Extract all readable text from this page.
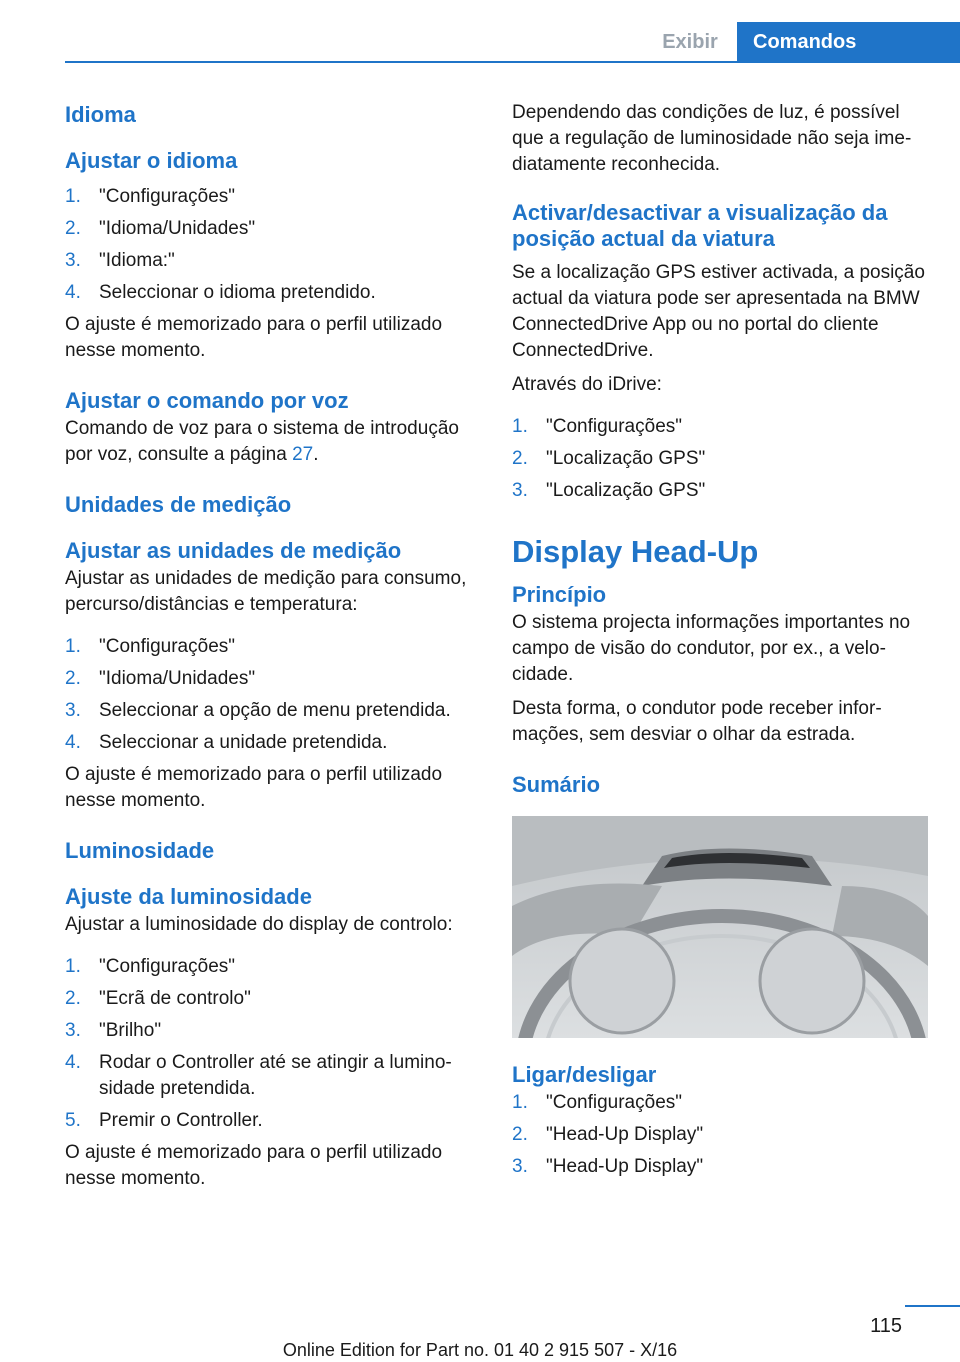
Exibir	Comandos
Idioma
Ajustar o idioma
1. "Configurações"
2. "Idioma/Unidades"
3. "Idioma:"
4. Seleccionar o idioma pretendido.

O ajuste é memorizado para o perfil utilizado nesse momento.

Ajustar o comando por voz

Comando de voz para o sistema de introdução por voz, consulte a página 27.

Unidades de medição
Ajustar as unidades de medição

Ajustar as unidades de medição para consumo, percurso/distâncias e temperatura:

1. "Configurações"
2. "Idioma/Unidades"
3. Seleccionar a opção de menu pretendida.
4. Seleccionar a unidade pretendida.

O ajuste é memorizado para o perfil utilizado nesse momento.

Luminosidade
Ajuste da luminosidade

Ajustar a luminosidade do display de controlo:

1. "Configurações"
2. "Ecrã de controlo"
3. "Brilho"
4. Rodar o Controller até se atingir a luminosidade pretendida.
5. Premir o Controller.

O ajuste é memorizado para o perfil utilizado nesse momento.

Dependendo das condições de luz, é possível que a regulação de luminosidade não seja imediatamente reconhecida.

Activar/desactivar a visualização da posição actual da viatura

Se a localização GPS estiver activada, a posição actual da viatura pode ser apresentada na BMW ConnectedDrive App ou no portal do cliente ConnectedDrive.

Através do iDrive:

1. "Configurações"
2. "Localização GPS"
3. "Localização GPS"
Display Head-Up
Princípio

O sistema projecta informações importantes no campo de visão do condutor, por ex., a velocidade.

Desta forma, o condutor pode receber informações, sem desviar o olhar da estrada.

Sumário
Ligar/desligar
1. "Configurações"
2. "Head-Up Display"
3. "Head-Up Display"
115
Online Edition for Part no. 01 40 2 915 507 - X/16
